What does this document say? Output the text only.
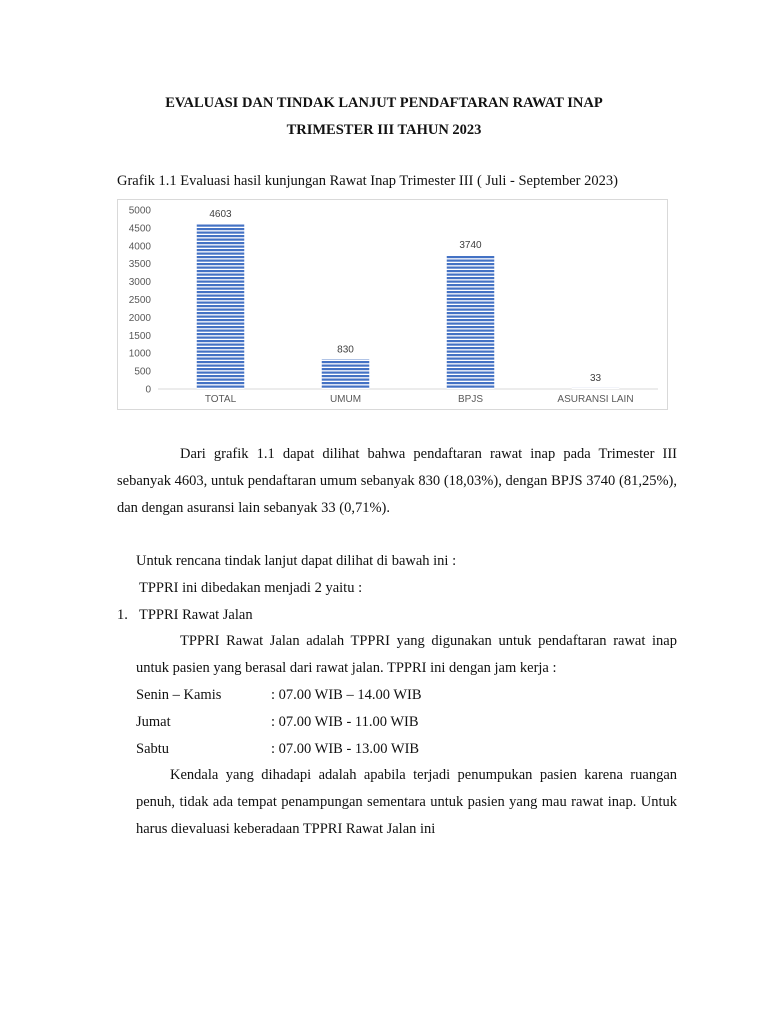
EVALUASI DAN TINDAK LANJUT PENDAFTARAN RAWAT INAP
TRIMESTER III TAHUN 2023
Grafik 1.1 Evaluasi hasil kunjungan Rawat Inap Trimester III ( Juli - September 2023)
0
500
1000
1500
2000
2500
3000
3500
4000
4500
5000	4603
TOTAL
830
UMUM
3740
BPJS
33
ASURANSI LAIN
Dari grafik 1.1 dapat dilihat bahwa pendaftaran rawat inap pada Trimester III sebanyak 4603, untuk pendaftaran umum sebanyak 830 (18,03%), dengan BPJS 3740 (81,25%), dan dengan asuransi lain sebanyak 33 (0,71%).
Untuk rencana tindak lanjut dapat dilihat di bawah ini :
TPPRI ini dibedakan menjadi 2 yaitu :
1. TPPRI Rawat Jalan
TPPRI Rawat Jalan adalah TPPRI yang digunakan untuk pendaftaran rawat inap untuk pasien yang berasal dari rawat jalan. TPPRI ini dengan jam kerja :
Senin – Kamis	: 07.00 WIB – 14.00 WIB
Jumat	: 07.00 WIB - 11.00 WIB
Sabtu	: 07.00 WIB - 13.00 WIB
Kendala yang dihadapi adalah apabila terjadi penumpukan pasien karena ruangan penuh, tidak ada tempat penampungan sementara untuk pasien yang mau rawat inap. Untuk harus dievaluasi keberadaan TPPRI Rawat Jalan ini
